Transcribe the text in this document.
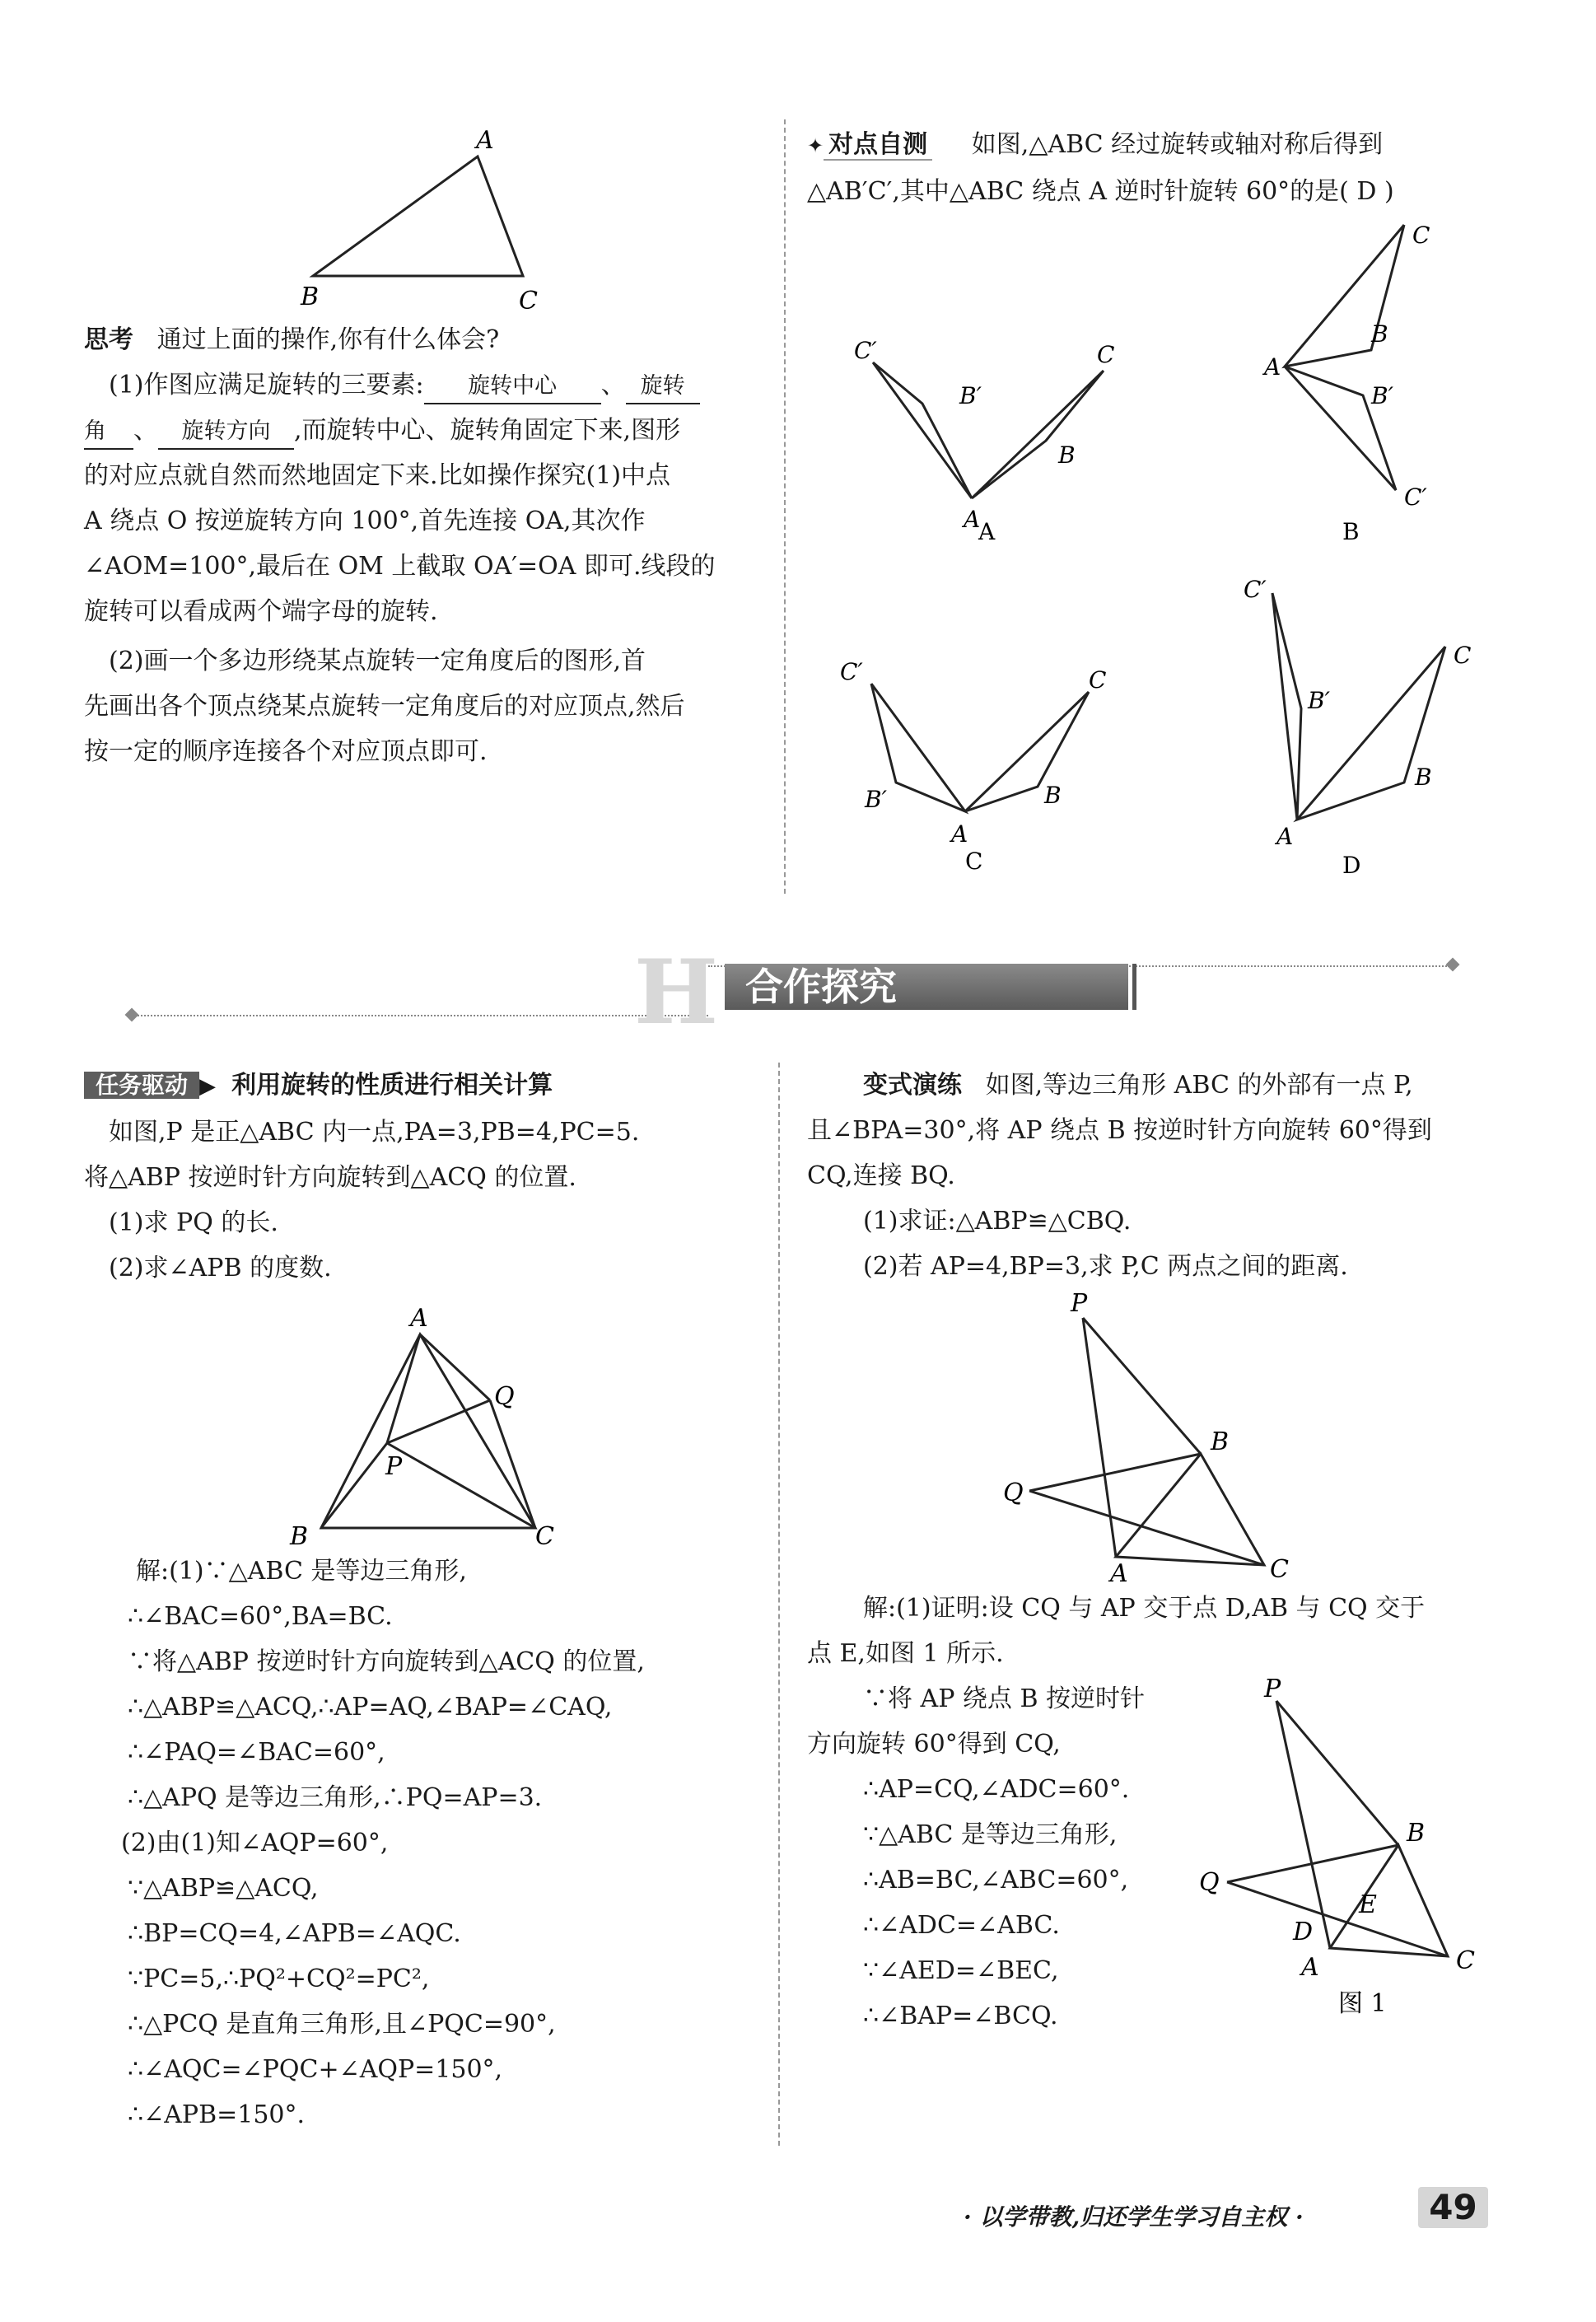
A
B	C
思考 通过上面的操作,你有什么体会?
(1)作图应满足旋转的三要素: 旋转中心 、 旋转
角 、 旋转方向 ,而旋转中心、旋转角固定下来,图形
的对应点就自然而然地固定下来.比如操作探究(1)中点
A 绕点 O 按逆旋转方向 100°,首先连接 OA,其次作
∠AOM=100°,最后在 OM 上截取 OA′=OA 即可.线段的
旋转可以看成两个端字母的旋转.
(2)画一个多边形绕某点旋转一定角度后的图形,首
先画出各个顶点绕某点旋转一定角度后的对应顶点,然后
按一定的顺序连接各个对应顶点即可.
✦ 对点自测 如图,△ABC 经过旋转或轴对称后得到
△AB′C′,其中△ABC 绕点 A 逆时针旋转 60°的是( D )
C′
A
B′
C
B
A
C
B
A
B′
C′
B
C′
B′
A
C
B
C
C′
B′
C
B
A
D
H 合作探究
任务驱动 ▶ 利用旋转的性质进行相关计算
如图,P 是正△ABC 内一点,PA=3,PB=4,PC=5.
将△ABP 按逆时针方向旋转到△ACQ 的位置.
(1)求 PQ 的长.
(2)求∠APB 的度数.
A
Q
P
B	C
解:(1)∵△ABC 是等边三角形,
∴∠BAC=60°,BA=BC.
∵将△ABP 按逆时针方向旋转到△ACQ 的位置,
∴△ABP≌△ACQ,∴AP=AQ,∠BAP=∠CAQ,
∴∠PAQ=∠BAC=60°,
∴△APQ 是等边三角形,∴PQ=AP=3.
(2)由(1)知∠AQP=60°,
∵△ABP≌△ACQ,
∴BP=CQ=4,∠APB=∠AQC.
∵PC=5,∴PQ²+CQ²=PC²,
∴△PCQ 是直角三角形,且∠PQC=90°,
∴∠AQC=∠PQC+∠AQP=150°,
∴∠APB=150°.
变式演练 如图,等边三角形 ABC 的外部有一点 P,
且∠BPA=30°,将 AP 绕点 B 按逆时针方向旋转 60°得到
CQ,连接 BQ.
(1)求证:△ABP≌△CBQ.
(2)若 AP=4,BP=3,求 P,C 两点之间的距离.
P
B
Q
A	C
解:(1)证明:设 CQ 与 AP 交于点 D,AB 与 CQ 交于
点 E,如图 1 所示.
∵将 AP 绕点 B 按逆时针
方向旋转 60°得到 CQ,
∴AP=CQ,∠ADC=60°.
∵△ABC 是等边三角形,
∴AB=BC,∠ABC=60°,
∴∠ADC=∠ABC.
∵∠AED=∠BEC,
∴∠BAP=∠BCQ.
P
B
Q
E
D
A	C
图 1
· 以学带教,归还学生学习自主权 ·	49
